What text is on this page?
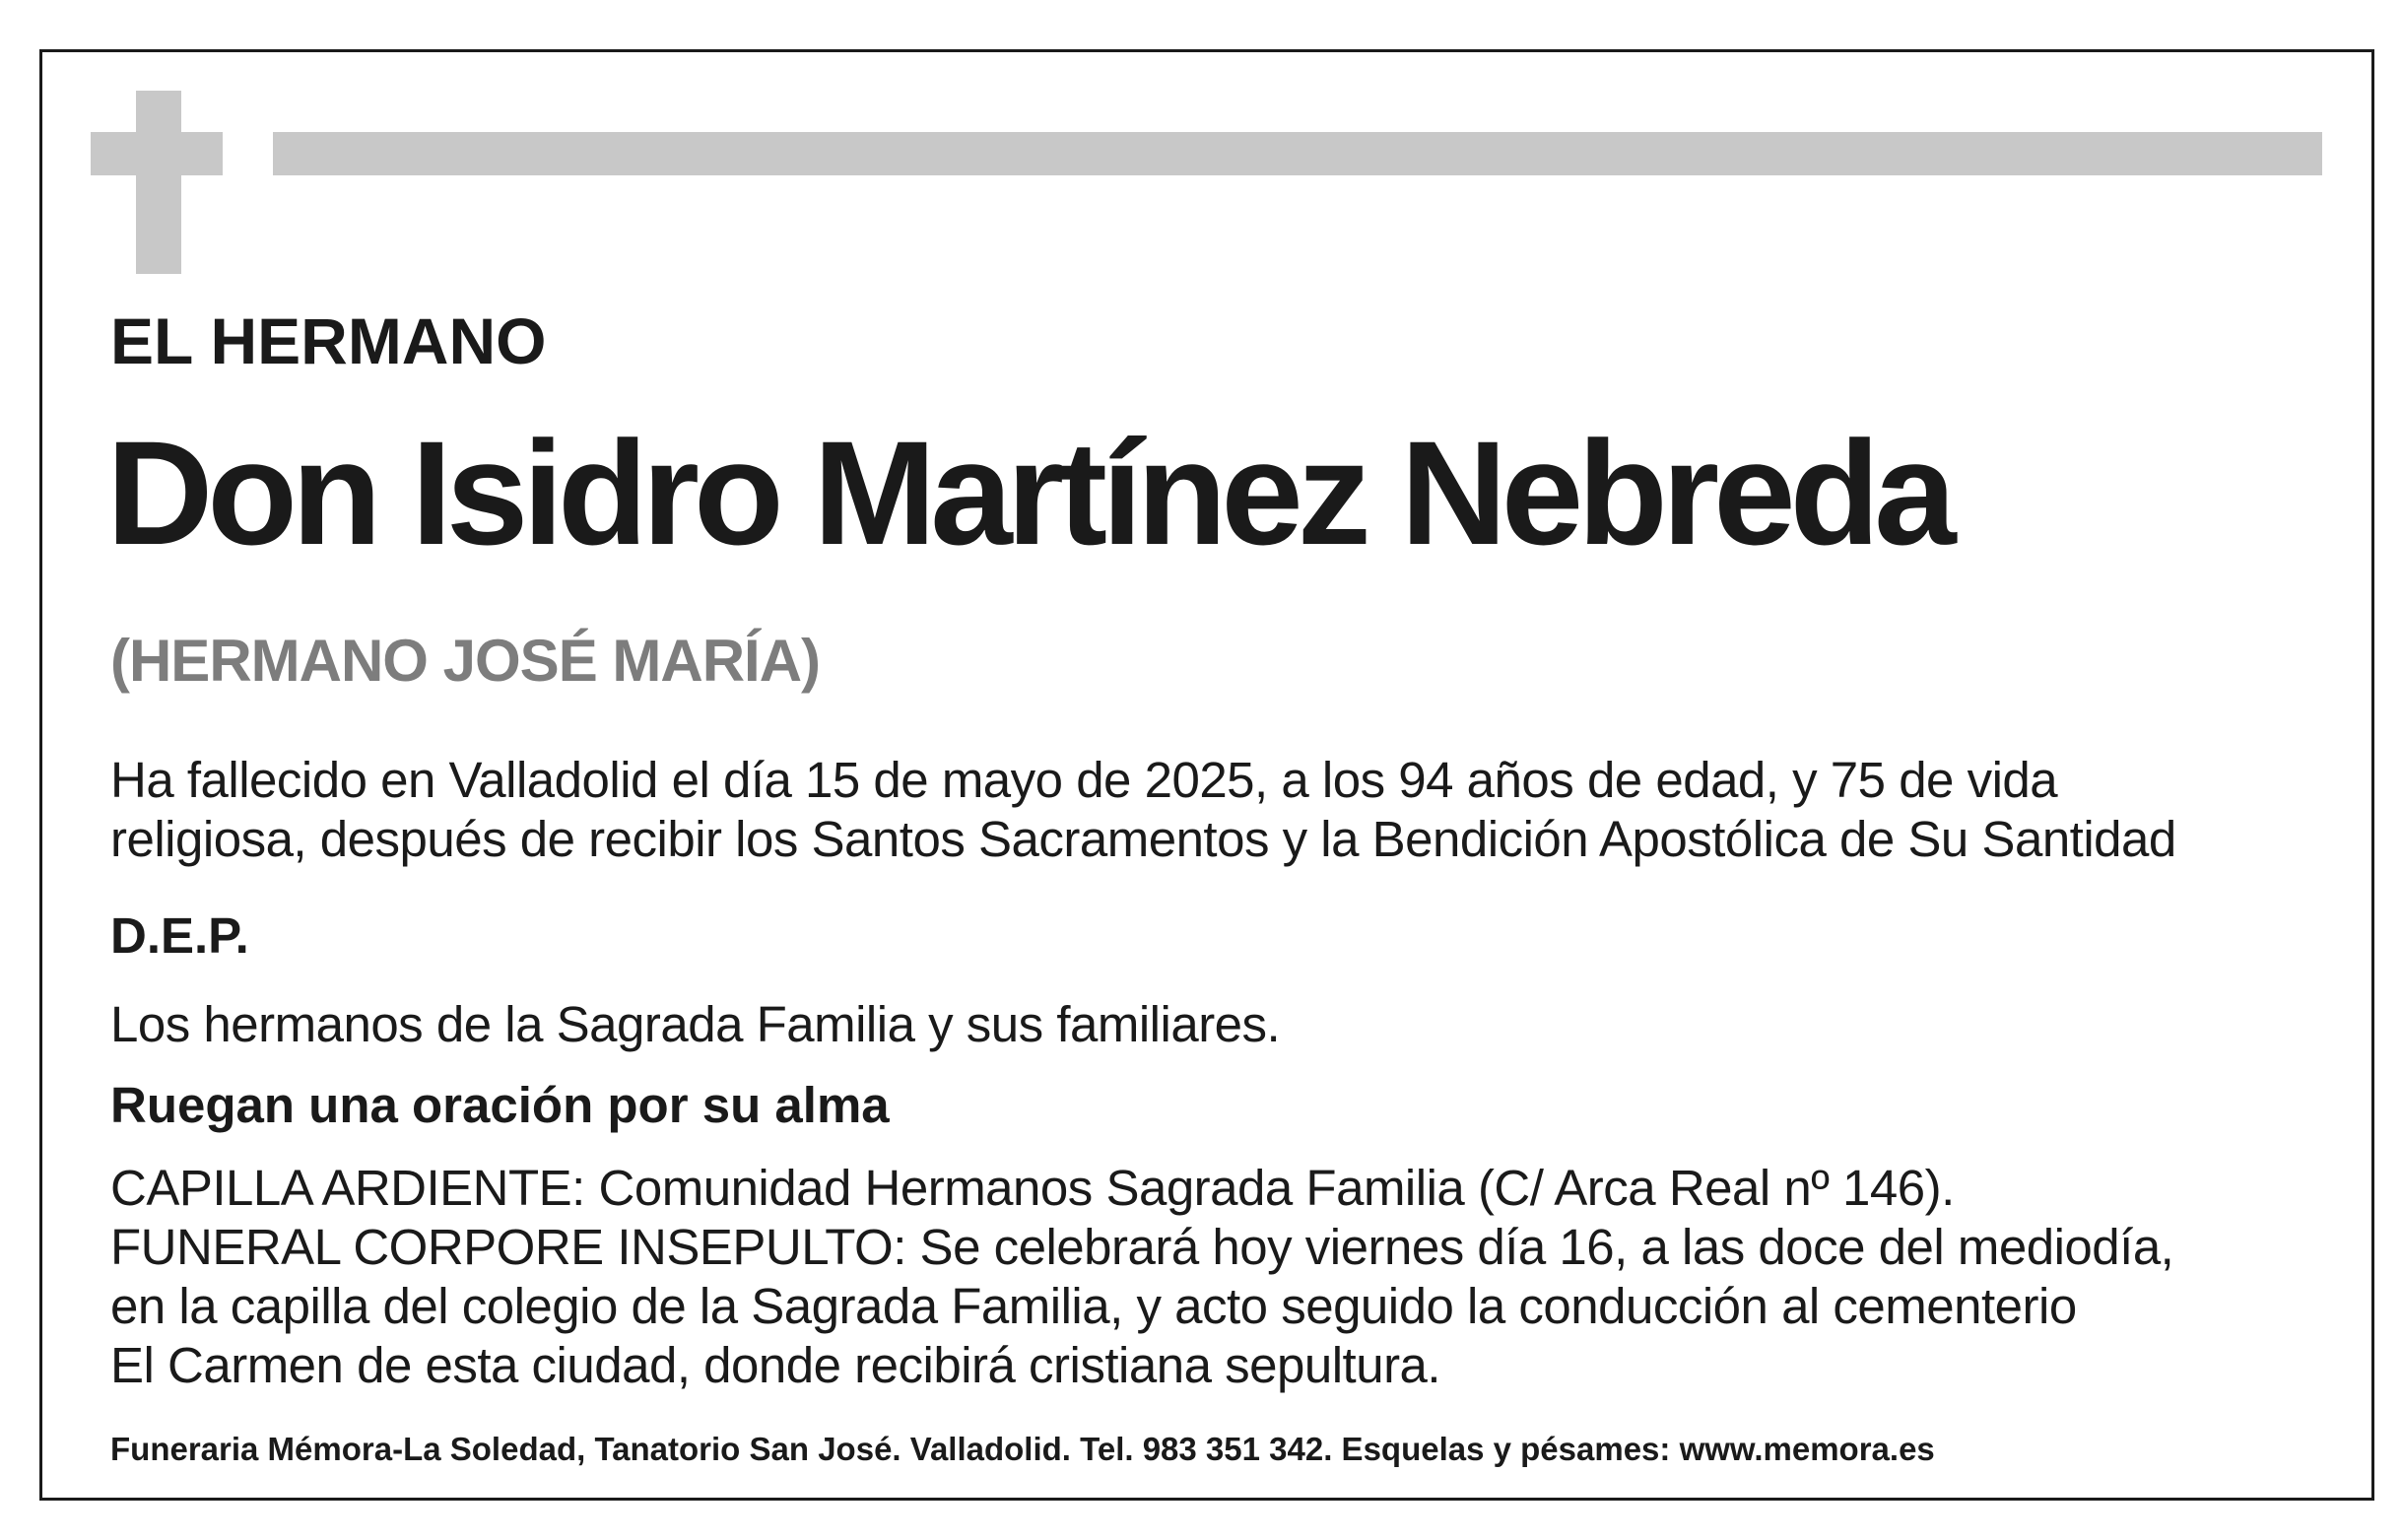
EL HERMANO
Don Isidro Martínez Nebreda
(HERMANO JOSÉ MARÍA)
Ha fallecido en Valladolid el día 15 de mayo de 2025, a los 94 años de edad, y 75 de vida
religiosa, después de recibir los Santos Sacramentos y la Bendición Apostólica de Su Santidad
D.E.P.
Los hermanos de la Sagrada Familia y sus familiares.
Ruegan una oración por su alma
CAPILLA ARDIENTE: Comunidad Hermanos Sagrada Familia (C/ Arca Real nº 146).
FUNERAL CORPORE INSEPULTO: Se celebrará hoy viernes día 16, a las doce del mediodía,
en la capilla del colegio de la Sagrada Familia, y acto seguido la conducción al cementerio
El Carmen de esta ciudad, donde recibirá cristiana sepultura.
Funeraria Mémora-La Soledad, Tanatorio San José. Valladolid. Tel. 983 351 342. Esquelas y pésames: www.memora.es
